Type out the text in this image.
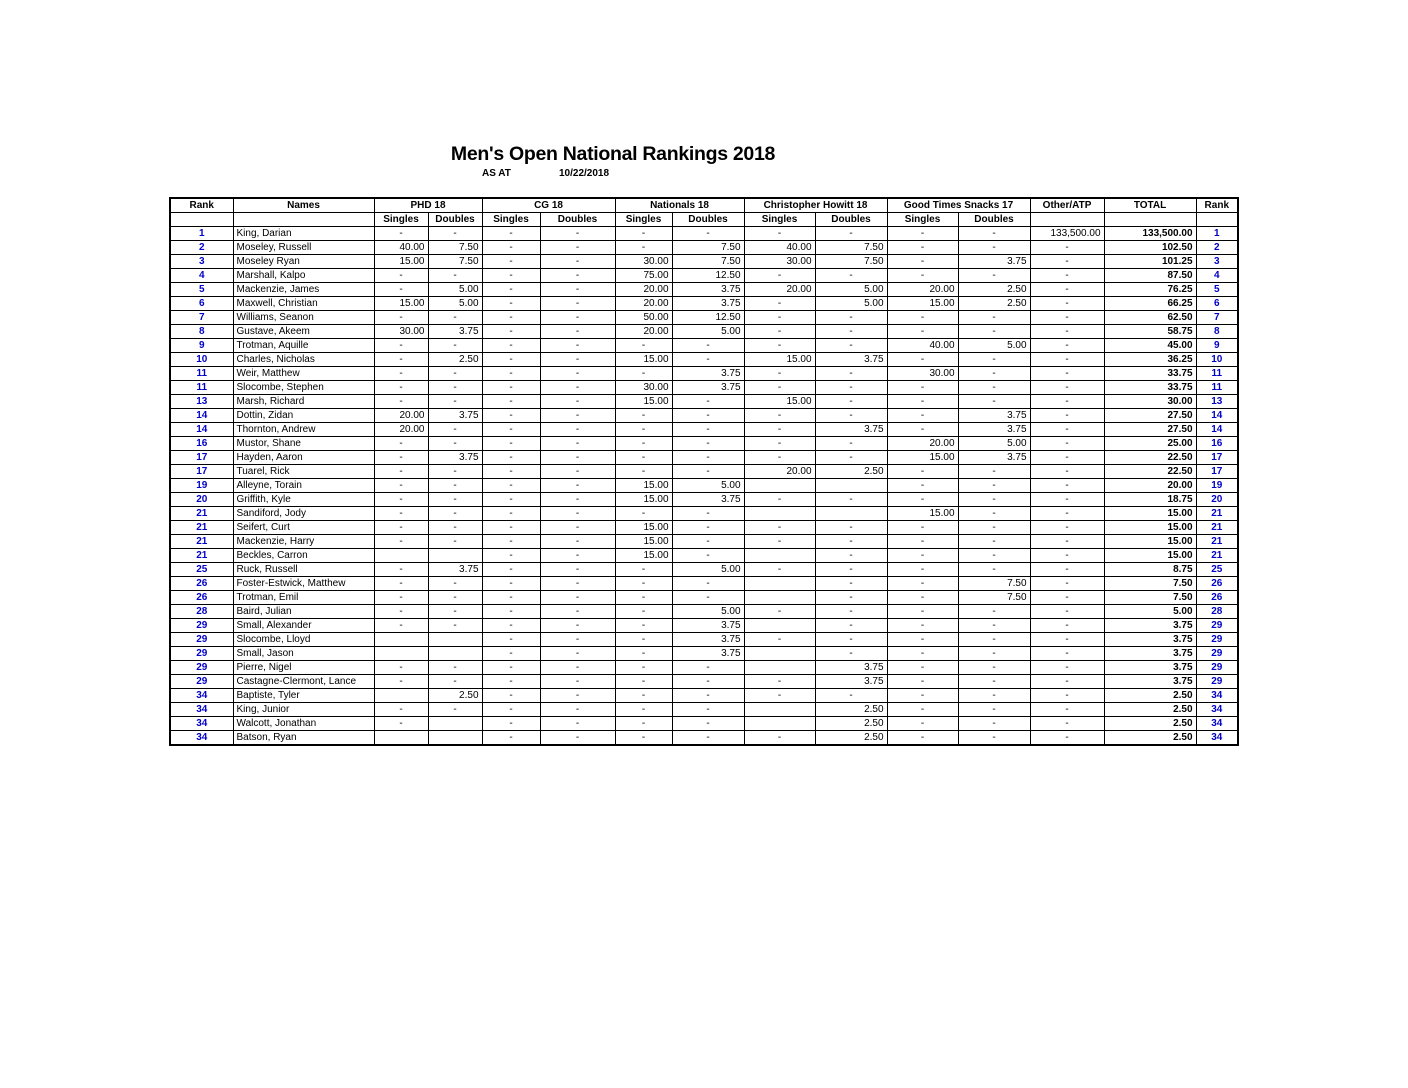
Men's Open National Rankings 2018
AS AT	10/22/2018
Rank	Names	PHD 18		CG 18		Nationals 18		Christopher Howitt 18		Good Times Snacks 17		Other/ATP	TOTAL	Rank
		Singles	Doubles	Singles	Doubles	Singles	Doubles	Singles	Doubles	Singles	Doubles			
1	King, Darian	-	-	-	-	-	-	-	-	-	-	133,500.00	133,500.00	1
2	Moseley, Russell	40.00	7.50	-	-	-	7.50	40.00	7.50	-	-	-	102.50	2
3	Moseley Ryan	15.00	7.50	-	-	30.00	7.50	30.00	7.50	-	3.75	-	101.25	3
4	Marshall, Kalpo	-	-	-	-	75.00	12.50	-	-	-	-	-	87.50	4
5	Mackenzie, James	-	5.00	-	-	20.00	3.75	20.00	5.00	20.00	2.50	-	76.25	5
6	Maxwell, Christian	15.00	5.00	-	-	20.00	3.75	-	5.00	15.00	2.50	-	66.25	6
7	Williams, Seanon	-	-	-	-	50.00	12.50	-	-	-	-	-	62.50	7
8	Gustave, Akeem	30.00	3.75	-	-	20.00	5.00	-	-	-	-	-	58.75	8
9	Trotman, Aquille	-	-	-	-	-	-	-	-	40.00	5.00	-	45.00	9
10	Charles, Nicholas	-	2.50	-	-	15.00	-	15.00	3.75	-	-	-	36.25	10
11	Weir, Matthew	-	-	-	-	-	3.75	-	-	30.00	-	-	33.75	11
11	Slocombe, Stephen	-	-	-	-	30.00	3.75	-	-	-	-	-	33.75	11
13	Marsh, Richard	-	-	-	-	15.00	-	15.00	-	-	-	-	30.00	13
14	Dottin, Zidan	20.00	3.75	-	-	-	-	-	-	-	3.75	-	27.50	14
14	Thornton, Andrew	20.00	-	-	-	-	-	-	3.75	-	3.75	-	27.50	14
16	Mustor, Shane	-	-	-	-	-	-	-	-	20.00	5.00	-	25.00	16
17	Hayden, Aaron	-	3.75	-	-	-	-	-	-	15.00	3.75	-	22.50	17
17	Tuarel, Rick	-	-	-	-	-	-	20.00	2.50	-	-	-	22.50	17
19	Alleyne, Torain	-	-	-	-	15.00	5.00			-	-	-	20.00	19
20	Griffith, Kyle	-	-	-	-	15.00	3.75	-	-	-	-	-	18.75	20
21	Sandiford, Jody	-	-	-	-	-	-			15.00	-	-	15.00	21
21	Seifert, Curt	-	-	-	-	15.00	-	-	-	-	-	-	15.00	21
21	Mackenzie, Harry	-	-	-	-	15.00	-	-	-	-	-	-	15.00	21
21	Beckles, Carron			-	-	15.00	-		-	-	-	-	15.00	21
25	Ruck, Russell	-	3.75	-	-	-	5.00	-	-	-	-	-	8.75	25
26	Foster-Estwick, Matthew	-	-	-	-	-	-		-	-	7.50	-	7.50	26
26	Trotman, Emil	-	-	-	-	-	-		-	-	7.50	-	7.50	26
28	Baird, Julian	-	-	-	-	-	5.00	-	-	-	-	-	5.00	28
29	Small, Alexander	-	-	-	-	-	3.75		-	-	-	-	3.75	29
29	Slocombe, Lloyd			-	-	-	3.75	-	-	-	-	-	3.75	29
29	Small, Jason			-	-	-	3.75		-	-	-	-	3.75	29
29	Pierre, Nigel	-	-	-	-	-	-		3.75	-	-	-	3.75	29
29	Castagne-Clermont, Lance	-	-	-	-	-	-	-	3.75	-	-	-	3.75	29
34	Baptiste, Tyler		2.50	-	-	-	-	-	-	-	-	-	2.50	34
34	King, Junior	-	-	-	-	-	-		2.50	-	-	-	2.50	34
34	Walcott, Jonathan	-		-	-	-	-		2.50	-	-	-	2.50	34
34	Batson, Ryan			-	-	-	-	-	2.50	-	-	-	2.50	34
